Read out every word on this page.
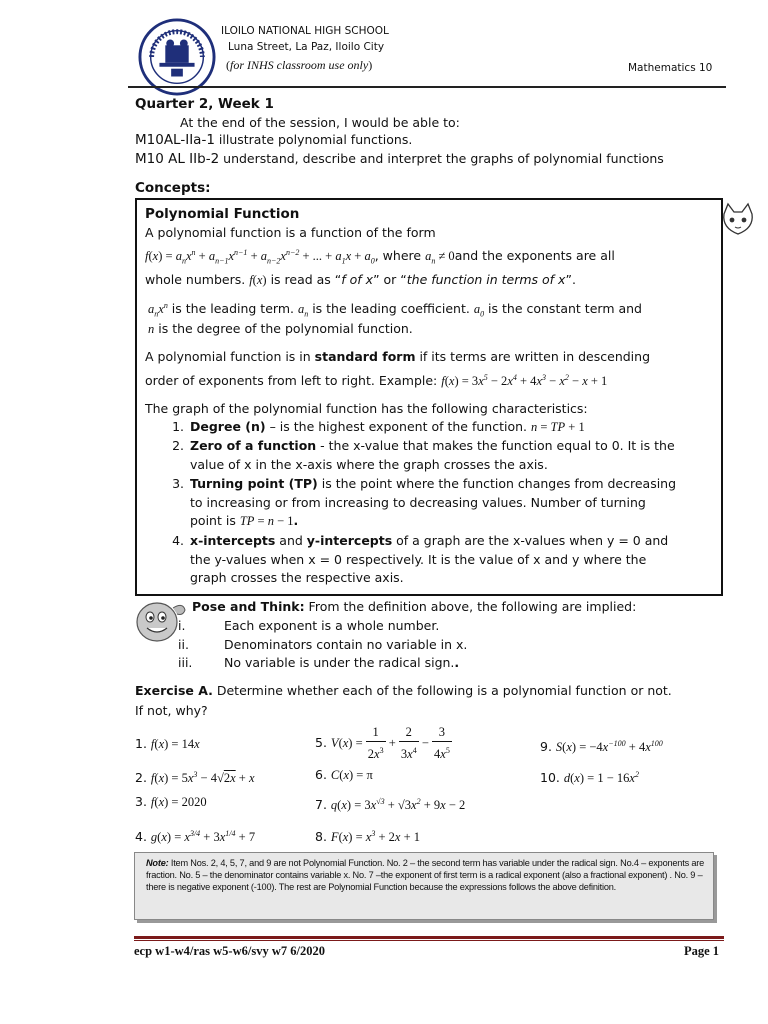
ILOILO NATIONAL HIGH SCHOOL
Luna Street, La Paz, Iloilo City
(for INHS classroom use only)	Mathematics 10
Quarter 2, Week 1
At the end of the session, I would be able to:
M10AL-IIa-1 illustrate polynomial functions.
M10 AL IIb-2 understand, describe and interpret the graphs of polynomial functions
Concepts:
Polynomial Function
A polynomial function is a function of the form
$f(x) = a_nx^n + a_{n-1}x^{n-1} + a_{n-2}x^{n-2}$ + ... + $a_1x + a_0$, where $a_n \ne 0and$ the exponents are all
whole numbers. f(x) is read as “f of x” or “the function in terms of x”.
$a_nx^n$ is the leading term. $a_n$ is the leading coefficient. $a_0$ is the constant term and
n is the degree of the polynomial function.
A polynomial function is in standard form if its terms are written in descending
order of exponents from left to right. Example: $f(x) = 3x^5 - 2x^4 + 4x^3 - x^2 - x + 1$
The graph of the polynomial function has the following characteristics:
1. Degree (n) – is the highest exponent of the function. n = TP + 1
2. Zero of a function - the x-value that makes the function equal to 0. It is the
value of x in the x-axis where the graph crosses the axis.
3. Turning point (TP) is the point where the function changes from decreasing
to increasing or from increasing to decreasing values. Number of turning
point is TP = n − 1.
4. x-intercepts and y-intercepts of a graph are the x-values when y = 0 and
the y-values when x = 0 respectively. It is the value of x and y where the
graph crosses the respective axis.
Pose and Think: From the definition above, the following are implied:
i.	Each exponent is a whole number.
ii.	Denominators contain no variable in x.
iii.	No variable is under the radical sign..
Exercise A. Determine whether each of the following is a polynomial function or not.
If not, why?
1. f(x) = 14x
2. $f(x) = 5x^3 - 4√2x + x$
3. f(x) = 2020
4. $g(x) = x^{3/4} + 3x^{1/4} + 7$
5. $V(x) = \frac{1}{2x^3} + \frac{2}{3x^4} - \frac{3}{4x^5}$
6. C(x) = π
7. $q(x) = 3x^{√3} + √3x^2 + 9x - 2$
8. $F(x) = x^3 + 2x + 1$
9. $S(x) = -4x^{-100} + 4x^{100}$
10. $d(x) = 1 - 16x^2$
Note: Item Nos. 2, 4, 5, 7, and 9 are not Polynomial Function. No. 2 – the second term has variable under the radical sign. No.4 – exponents are fraction. No. 5 – the denominator contains variable x. No. 7 –the exponent of first term is a radical exponent (also a fractional exponent) . No. 9 – there is negative exponent (-100). The rest are Polynomial Function because the expressions follows the above definition.
ecp w1-w4/ras w5-w6/svy w7 6/2020	Page 1
